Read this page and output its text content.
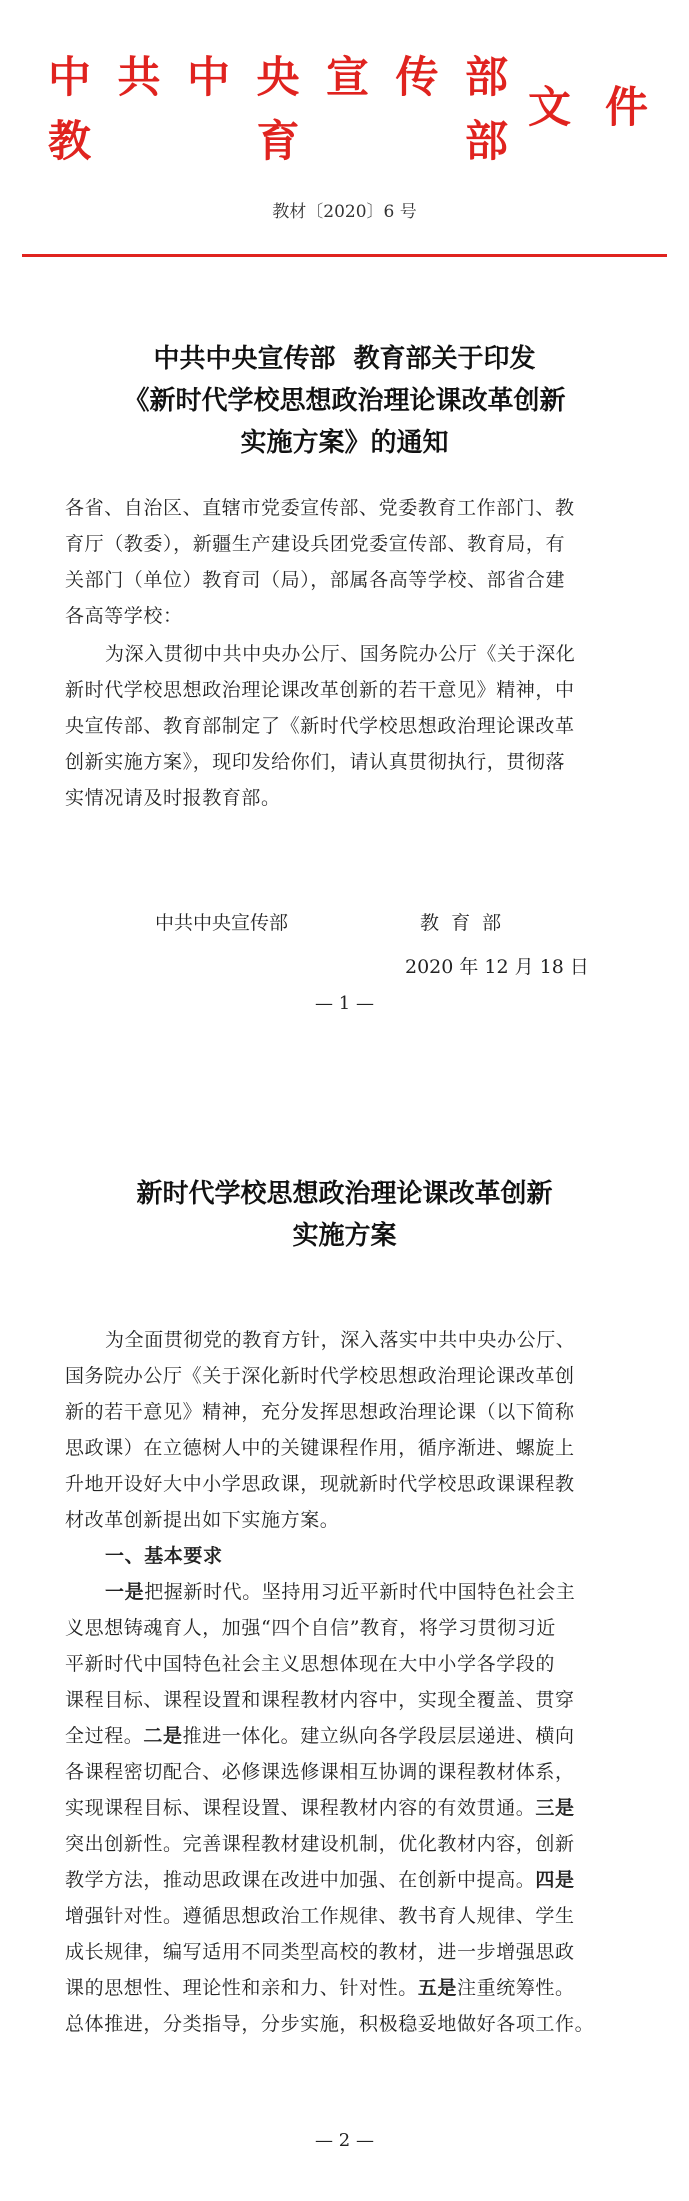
中 共 中 央 宣 传 部
教	育	部
文 件
教材〔2020〕6 号
中共中央宣传部  教育部关于印发
《新时代学校思想政治理论课改革创新
实施方案》的通知
各省、自治区、直辖市党委宣传部、党委教育工作部门、教
育厅（教委），新疆生产建设兵团党委宣传部、教育局，有
关部门（单位）教育司（局），部属各高等学校、部省合建
各高等学校：
为深入贯彻中共中央办公厅、国务院办公厅《关于深化
新时代学校思想政治理论课改革创新的若干意见》精神，中
央宣传部、教育部制定了《新时代学校思想政治理论课改革
创新实施方案》，现印发给你们，请认真贯彻执行，贯彻落
实情况请及时报教育部。
中共中央宣传部	教  育  部
2020 年 12 月 18 日
— 1 —
新时代学校思想政治理论课改革创新
实施方案
为全面贯彻党的教育方针，深入落实中共中央办公厅、
国务院办公厅《关于深化新时代学校思想政治理论课改革创
新的若干意见》精神，充分发挥思想政治理论课（以下简称
思政课）在立德树人中的关键课程作用，循序渐进、螺旋上
升地开设好大中小学思政课，现就新时代学校思政课课程教
材改革创新提出如下实施方案。
一、基本要求
一是把握新时代。坚持用习近平新时代中国特色社会主
义思想铸魂育人，加强“四个自信”教育，将学习贯彻习近
平新时代中国特色社会主义思想体现在大中小学各学段的
课程目标、课程设置和课程教材内容中，实现全覆盖、贯穿
全过程。二是推进一体化。建立纵向各学段层层递进、横向
各课程密切配合、必修课选修课相互协调的课程教材体系，
实现课程目标、课程设置、课程教材内容的有效贯通。三是
突出创新性。完善课程教材建设机制，优化教材内容，创新
教学方法，推动思政课在改进中加强、在创新中提高。四是
增强针对性。遵循思想政治工作规律、教书育人规律、学生
成长规律，编写适用不同类型高校的教材，进一步增强思政
课的思想性、理论性和亲和力、针对性。五是注重统筹性。
总体推进，分类指导，分步实施，积极稳妥地做好各项工作。
— 2 —
